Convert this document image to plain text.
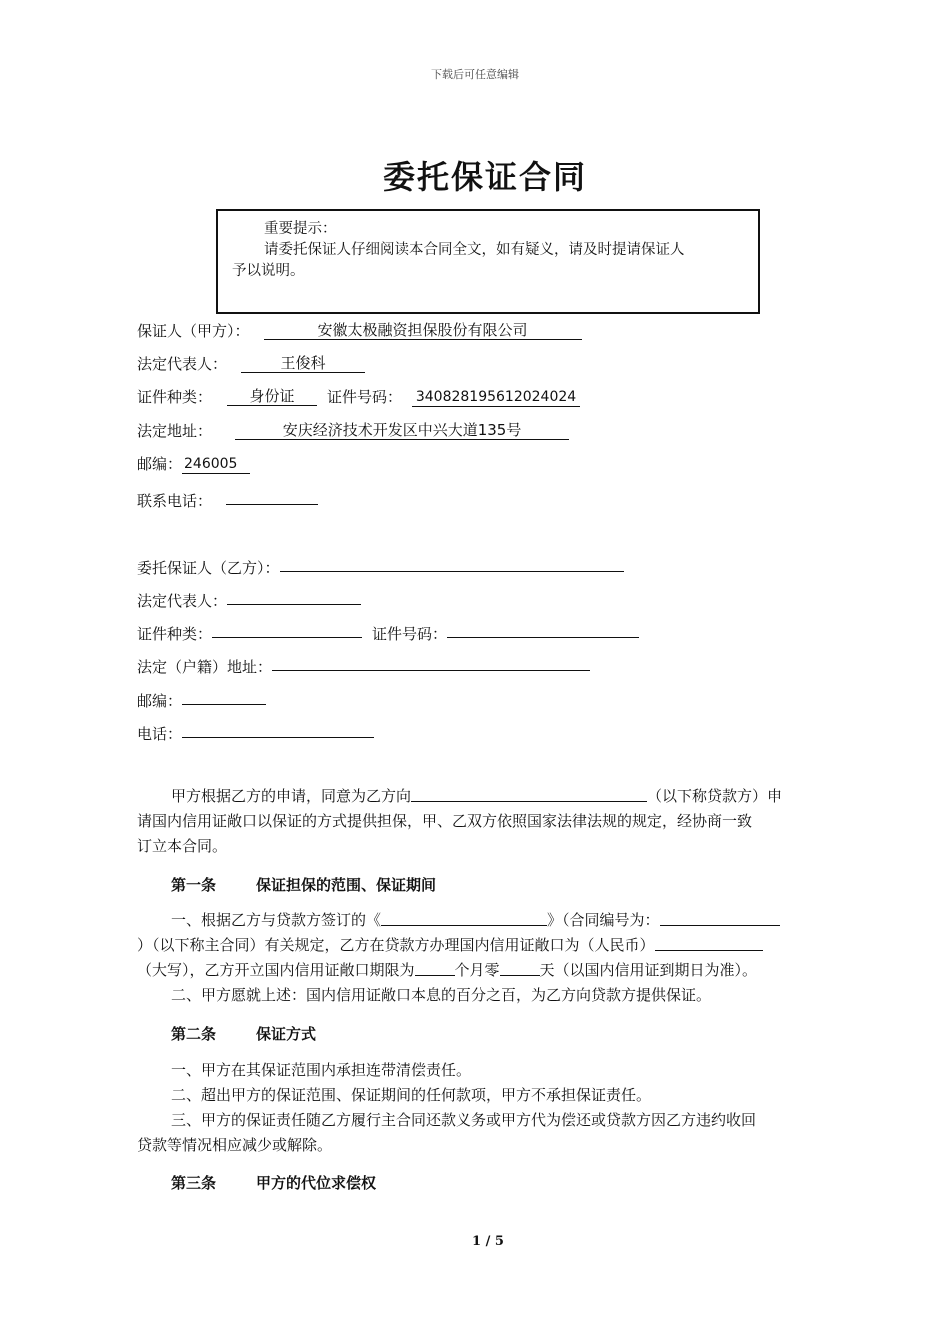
下载后可任意编辑
委托保证合同
重要提示：
请委托保证人仔细阅读本合同全文，如有疑义，请及时提请保证人
予以说明。
保证人（甲方）：	安徽太极融资担保股份有限公司
法定代表人：	王俊科
证件种类： 身份证 证件号码： 340828195612024024
法定地址：	安庆经济技术开发区中兴大道135号
邮编： 246005
联系电话：
委托保证人（乙方）：
法定代表人：
证件种类：	证件号码：
法定（户籍）地址：
邮编：
电话：
甲方根据乙方的申请，同意为乙方向	（以下称贷款方）申
请国内信用证敞口以保证的方式提供担保，甲、乙双方依照国家法律法规的规定，经协商一致
订立本合同。
第一条	保证担保的范围、保证期间
一、根据乙方与贷款方签订的《	》（合同编号为：
）（以下称主合同）有关规定，乙方在贷款方办理国内信用证敞口为（人民币）
（大写），乙方开立国内信用证敞口期限为	个月零	天（以国内信用证到期日为准）。
二、甲方愿就上述：国内信用证敞口本息的百分之百，为乙方向贷款方提供保证。
第二条	保证方式
一、甲方在其保证范围内承担连带清偿责任。
二、超出甲方的保证范围、保证期间的任何款项，甲方不承担保证责任。
三、甲方的保证责任随乙方履行主合同还款义务或甲方代为偿还或贷款方因乙方违约收回
贷款等情况相应减少或解除。
第三条	甲方的代位求偿权
1 / 5
